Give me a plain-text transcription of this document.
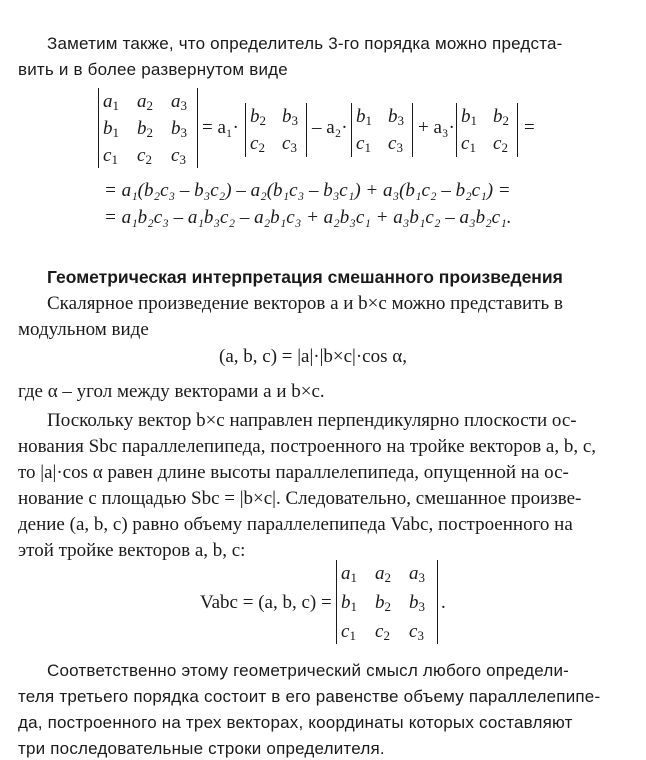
Заметим также, что определитель 3-го порядка можно предста-
вить и в более развернутом виде
$a_1$ $a_2$ $a_3$
$b_1$ $b_2$ $b_3$
$c_1$ $c_2$ $c_3$
= a₁·
$b_2$ $b_3$
$c_2$ $c_3$
– a₂·
$b_1$ $b_3$
$c_1$ $c_3$
+ a₃·
$b_1$ $b_2$
$c_1$ $c_2$
=
= a₁(b₂c₃ – b₃c₂) – a₂(b₁c₃ – b₃c₁) + a₃(b₁c₂ – b₂c₁) =
= a₁b₂c₃ – a₁b₃c₂ – a₂b₁c₃ + a₂b₃c₁ + a₃b₁c₂ – a₃b₂c₁.
Геометрическая интерпретация смешанного произведения
Скалярное произведение векторов a и b×c можно представить в
модульном виде
(a, b, c) = |a|·|b×c|·cos α,
где α – угол между векторами a и b×c.
Поскольку вектор b×c направлен перпендикулярно плоскости ос-
нования Sbc параллелепипеда, построенного на тройке векторов a, b, c,
то |a|·cos α равен длине высоты параллелепипеда, опущенной на ос-
нование с площадью Sbc = |b×c|. Следовательно, смешанное произве-
дение (a, b, c) равно объему параллелепипеда Vabc, построенного на
этой тройке векторов a, b, c:
Vabc = (a, b, c) =
$a_1$ $a_2$ $a_3$
$b_1$ $b_2$ $b_3$
$c_1$ $c_2$ $c_3$
.
Соответственно этому геометрический смысл любого определи-
теля третьего порядка состоит в его равенстве объему параллелепипе-
да, построенного на трех векторах, координаты которых составляют
три последовательные строки определителя.
